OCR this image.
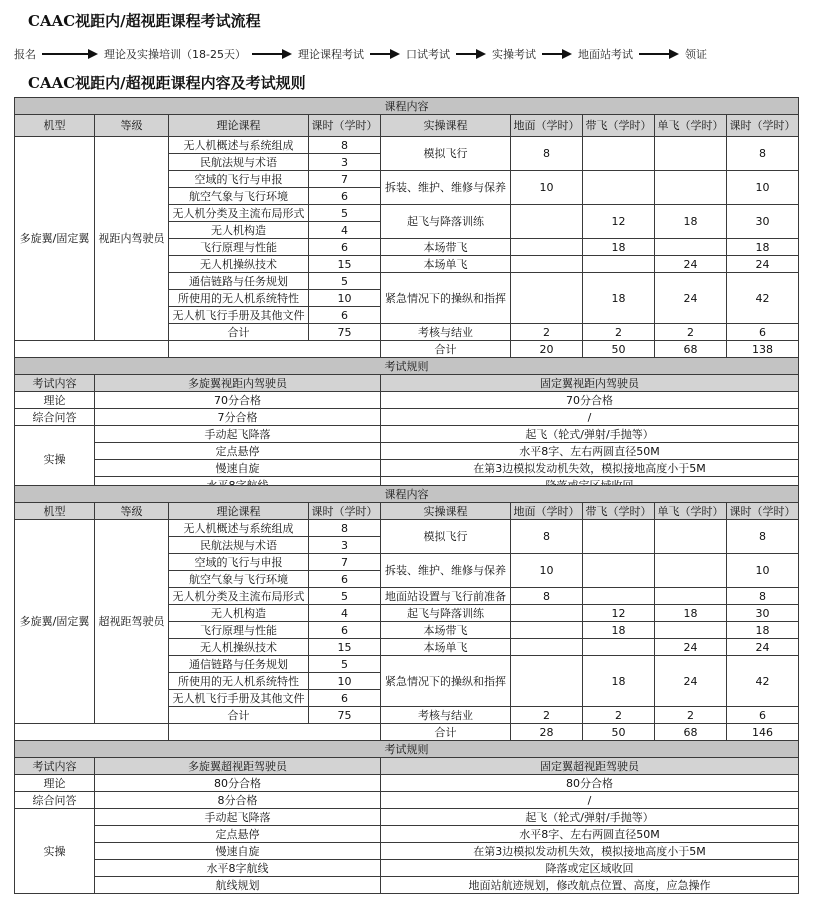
CAAC视距内/超视距课程考试流程
报名	理论及实操培训（18-25天）	理论课程考试	口试考试	实操考试	地面站考试	领证
CAAC视距内/超视距课程内容及考试规则
课程内容								
机型	等级	理论课程	课时（学时）	实操课程	地面（学时）	带飞（学时）	单飞（学时）	课时（学时）
多旋翼/固定翼	视距内驾驶员	无人机概述与系统组成	8	模拟飞行	8			8
		民航法规与术语	3					
		空域的飞行与申报	7	拆装、维护、维修与保养	10			10
		航空气象与飞行环境	6					
		无人机分类及主流布局形式	5	起飞与降落训练		12	18	30
		无人机构造	4					
		飞行原理与性能	6	本场带飞		18		18
		无人机操纵技术	15	本场单飞			24	24
		通信链路与任务规划	5	紧急情况下的操纵和指挥		18	24	42
		所使用的无人机系统特性	10					
		无人机飞行手册及其他文件	6					
		合计	75	考核与结业	2	2	2	6
				合计	20	50	68	138
考试规则								
考试内容	多旋翼视距内驾驶员			固定翼视距内驾驶员				
理论	70分合格			70分合格				
综合问答	7分合格			/				
实操	手动起飞降落			起飞（轮式/弹射/手抛等）				
	定点悬停			水平8字、左右两圆直径50M				
	慢速自旋			在第3边模拟发动机失效，模拟接地高度小于5M				

课程内容								
机型	等级	理论课程	课时（学时）	实操课程	地面（学时）	带飞（学时）	单飞（学时）	课时（学时）
多旋翼/固定翼	超视距驾驶员	无人机概述与系统组成	8	模拟飞行	8			8
		民航法规与术语	3					
		空域的飞行与申报	7	拆装、维护、维修与保养	10			10
		航空气象与飞行环境	6					
		无人机分类及主流布局形式	5	地面站设置与飞行前准备	8			8
		无人机构造	4	起飞与降落训练		12	18	30
		飞行原理与性能	6	本场带飞		18		18
		无人机操纵技术	15	本场单飞			24	24
		通信链路与任务规划	5	紧急情况下的操纵和指挥		18	24	42
		所使用的无人机系统特性	10					
		无人机飞行手册及其他文件	6					
		合计	75	考核与结业	2	2	2	6
				合计	28	50	68	146
考试规则								
考试内容	多旋翼超视距驾驶员			固定翼超视距驾驶员				
理论	80分合格			80分合格				
综合问答	8分合格			/				
实操	手动起飞降落			起飞（轮式/弹射/手抛等）				
	定点悬停			水平8字、左右两圆直径50M				
	慢速自旋			在第3边模拟发动机失效，模拟接地高度小于5M				
	水平8字航线			降落或定区域收回				
	航线规划			地面站航迹规划，修改航点位置、高度，应急操作				
